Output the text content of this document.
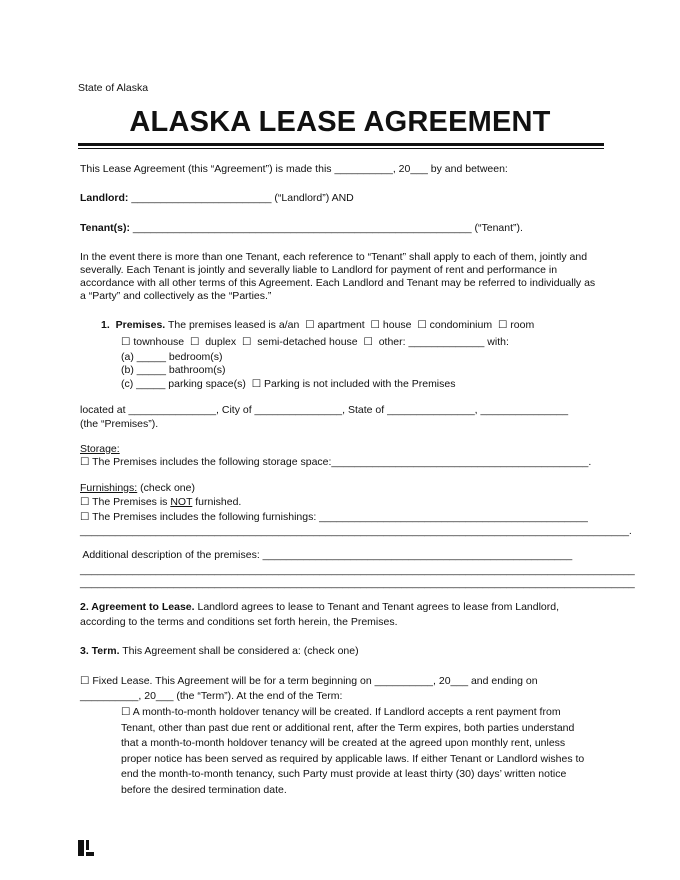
State of Alaska
ALASKA LEASE AGREEMENT
This Lease Agreement (this “Agreement”) is made this __________, 20___ by and between:
Landlord: ________________________ (“Landlord”) AND
Tenant(s): __________________________________________________________ (“Tenant”).
In the event there is more than one Tenant, each reference to “Tenant” shall apply to each of them, jointly and severally. Each Tenant is jointly and severally liable to Landlord for payment of rent and performance in accordance with all other terms of this Agreement. Each Landlord and Tenant may be referred to individually as a “Party” and collectively as the “Parties.”
1. Premises. The premises leased is a/an  ☐ apartment  ☐ house  ☐ condominium  ☐ room
☐ townhouse  ☐  duplex  ☐  semi-detached house  ☐  other: _____________ with:
(a) _____ bedroom(s)
(b) _____ bathroom(s)
(c) _____ parking space(s)  ☐ Parking is not included with the Premises
located at _______________, City of _______________, State of _______________, _______________
(the “Premises”).
Storage:
☐ The Premises includes the following storage space:____________________________________________.
Furnishings: (check one)
☐ The Premises is NOT furnished.
☐ The Premises includes the following furnishings: ______________________________________________
______________________________________________________________________________________________.
Additional description of the premises: _____________________________________________________
_______________________________________________________________________________________________
_______________________________________________________________________________________________
2. Agreement to Lease. Landlord agrees to lease to Tenant and Tenant agrees to lease from Landlord, according to the terms and conditions set forth herein, the Premises.
3. Term. This Agreement shall be considered a: (check one)
☐ Fixed Lease. This Agreement will be for a term beginning on __________, 20___ and ending on
__________, 20___ (the “Term”). At the end of the Term:
☐ A month-to-month holdover tenancy will be created. If Landlord accepts a rent payment from Tenant, other than past due rent or additional rent, after the Term expires, both parties understand that a month-to-month holdover tenancy will be created at the agreed upon monthly rent, unless proper notice has been served as required by applicable laws. If either Tenant or Landlord wishes to end the month-to-month tenancy, such Party must provide at least thirty (30) days’ written notice before the desired termination date.
